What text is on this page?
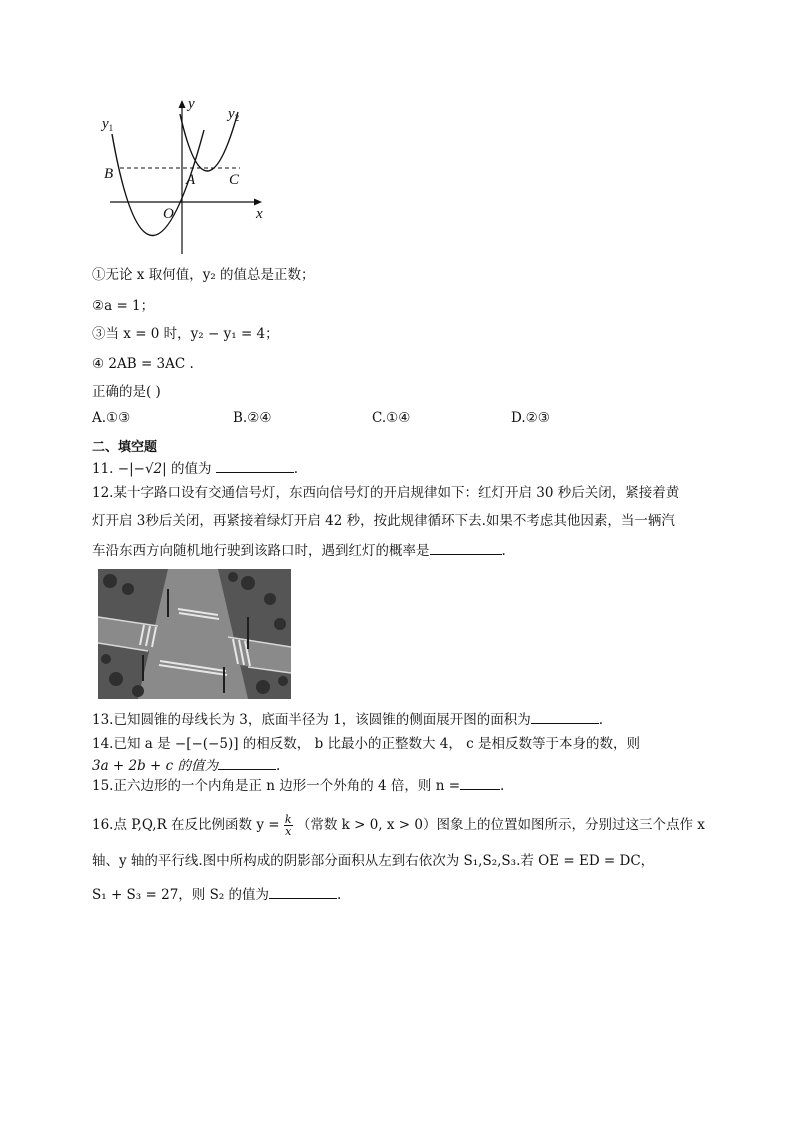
$y_1$
$y_2$
y
x
B	A C
O
①无论 x 取何值，y₂ 的值总是正数；
②a = 1；
③当 x = 0 时，y₂ − y₁ = 4；
④ 2AB = 3AC .
正确的是( )
A.①③	B.②④	C.①④	D.②③
二、填空题
11. −|−√2| 的值为	.
12.某十字路口设有交通信号灯，东西向信号灯的开启规律如下：红灯开启 30 秒后关闭，紧接着黄
灯开启 3秒后关闭，再紧接着绿灯开启 42 秒，按此规律循环下去.如果不考虑其他因素，当一辆汽
车沿东西方向随机地行驶到该路口时，遇到红灯的概率是	.
13.已知圆锥的母线长为 3，底面半径为 1，该圆锥的侧面展开图的面积为	.
14.已知 a 是 −[−(−5)] 的相反数， b 比最小的正整数大 4， c 是相反数等于本身的数，则
3a + 2b + c 的值为	.
15.正六边形的一个内角是正 n 边形一个外角的 4 倍，则 n =	.
16.点 P,Q,R 在反比例函数 $y = \frac{k}{x}$ （常数 k > 0, x > 0）图象上的位置如图所示，分别过这三个点作 x
轴、y 轴的平行线.图中所构成的阴影部分面积从左到右依次为 S₁,S₂,S₃.若 OE = ED = DC，
S₁ + S₃ = 27，则 S₂ 的值为	.
